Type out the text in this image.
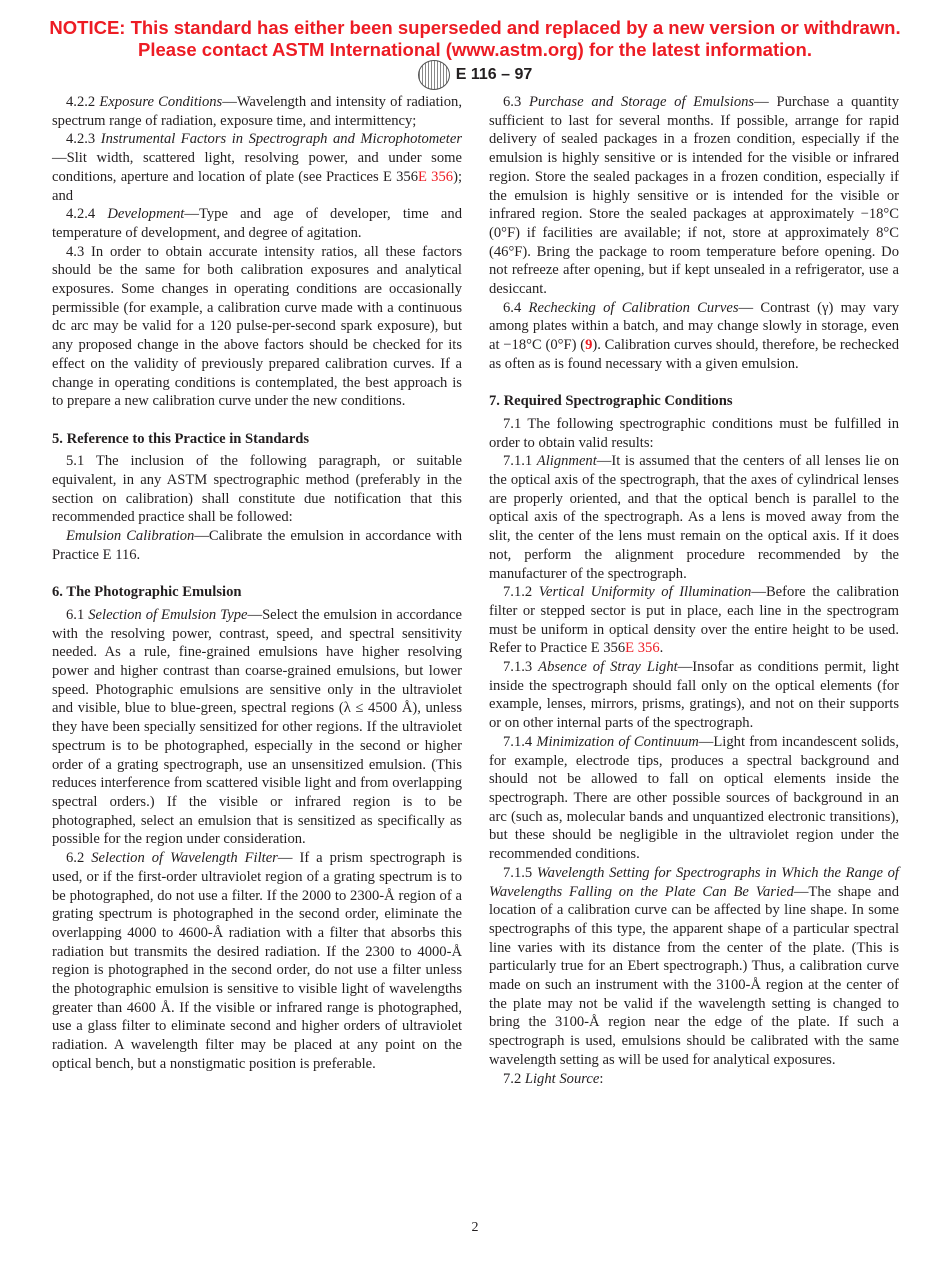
NOTICE: This standard has either been superseded and replaced by a new version or withdrawn.
Please contact ASTM International (www.astm.org) for the latest information.
E 116 – 97

4.2.2 Exposure Conditions—Wavelength and intensity of radiation, spectrum range of radiation, exposure time, and intermittency;

4.2.3 Instrumental Factors in Spectrograph and Microphotometer—Slit width, scattered light, resolving power, and under some conditions, aperture and location of plate (see Practices E 356E 356); and

4.2.4 Development—Type and age of developer, time and temperature of development, and degree of agitation.

4.3 In order to obtain accurate intensity ratios, all these factors should be the same for both calibration exposures and analytical exposures. Some changes in operating conditions are occasionally permissible (for example, a calibration curve made with a continuous dc arc may be valid for a 120 pulse-per-second spark exposure), but any proposed change in the above factors should be checked for its effect on the validity of previously prepared calibration curves. If a change in operating conditions is contemplated, the best approach is to prepare a new calibration curve under the new conditions.

5. Reference to this Practice in Standards

5.1 The inclusion of the following paragraph, or suitable equivalent, in any ASTM spectrographic method (preferably in the section on calibration) shall constitute due notification that this recommended practice shall be followed:

Emulsion Calibration—Calibrate the emulsion in accordance with Practice E 116.

6. The Photographic Emulsion

6.1 Selection of Emulsion Type—Select the emulsion in accordance with the resolving power, contrast, speed, and spectral sensitivity needed. As a rule, fine-grained emulsions have higher resolving power and higher contrast than coarse-grained emulsions, but lower speed. Photographic emulsions are sensitive only in the ultraviolet and visible, blue to blue-green, spectral regions (λ ≤ 4500 Å), unless they have been specially sensitized for other regions. If the ultraviolet spectrum is to be photographed, especially in the second or higher order of a grating spectrograph, use an unsensitized emulsion. (This reduces interference from scattered visible light and from overlapping spectral orders.) If the visible or infrared region is to be photographed, select an emulsion that is sensitized as specifically as possible for the region under consideration.

6.2 Selection of Wavelength Filter— If a prism spectrograph is used, or if the first-order ultraviolet region of a grating spectrum is to be photographed, do not use a filter. If the 2000 to 2300-Å region of a grating spectrum is photographed in the second order, eliminate the overlapping 4000 to 4600-Å radiation with a filter that absorbs this radiation but transmits the desired radiation. If the 2300 to 4000-Å region is photographed in the second order, do not use a filter unless the photographic emulsion is sensitive to visible light of wavelengths greater than 4600 Å. If the visible or infrared range is photographed, use a glass filter to eliminate second and higher orders of ultraviolet radiation. A wavelength filter may be placed at any point on the optical bench, but a nonstigmatic position is preferable.

6.3 Purchase and Storage of Emulsions— Purchase a quantity sufficient to last for several months. If possible, arrange for rapid delivery of sealed packages in a frozen condition, especially if the emulsion is highly sensitive or is intended for the visible or infrared region. Store the sealed packages in a frozen condition, especially if the emulsion is highly sensitive or is intended for the visible or infrared region. Store the sealed packages at approximately −18°C (0°F) if facilities are available; if not, store at approximately 8°C (46°F). Bring the package to room temperature before opening. Do not refreeze after opening, but if kept unsealed in a refrigerator, use a desiccant.

6.4 Rechecking of Calibration Curves— Contrast (γ) may vary among plates within a batch, and may change slowly in storage, even at −18°C (0°F) (9). Calibration curves should, therefore, be rechecked as often as is found necessary with a given emulsion.

7. Required Spectrographic Conditions

7.1 The following spectrographic conditions must be fulfilled in order to obtain valid results:

7.1.1 Alignment—It is assumed that the centers of all lenses lie on the optical axis of the spectrograph, that the axes of cylindrical lenses are properly oriented, and that the optical bench is parallel to the optical axis of the spectrograph. As a lens is moved away from the slit, the center of the lens must remain on the optical axis. If it does not, perform the alignment procedure recommended by the manufacturer of the spectrograph.

7.1.2 Vertical Uniformity of Illumination—Before the calibration filter or stepped sector is put in place, each line in the spectrogram must be uniform in optical density over the entire height to be used. Refer to Practice E 356E 356.

7.1.3 Absence of Stray Light—Insofar as conditions permit, light inside the spectrograph should fall only on the optical elements (for example, lenses, mirrors, prisms, gratings), and not on their supports or on other internal parts of the spectrograph.

7.1.4 Minimization of Continuum—Light from incandescent solids, for example, electrode tips, produces a spectral background and should not be allowed to fall on optical elements inside the spectrograph. There are other possible sources of background in an arc (such as, molecular bands and unquantized electronic transitions), but these should be negligible in the ultraviolet region under the recommended conditions.

7.1.5 Wavelength Setting for Spectrographs in Which the Range of Wavelengths Falling on the Plate Can Be Varied—The shape and location of a calibration curve can be affected by line shape. In some spectrographs of this type, the apparent shape of a particular spectral line varies with its distance from the center of the plate. (This is particularly true for an Ebert spectrograph.) Thus, a calibration curve made on such an instrument with the 3100-Å region at the center of the plate may not be valid if the wavelength setting is changed to bring the 3100-Å region near the edge of the plate. If such a spectrograph is used, emulsions should be calibrated with the same wavelength setting as will be used for analytical exposures.

7.2 Light Source:

2
